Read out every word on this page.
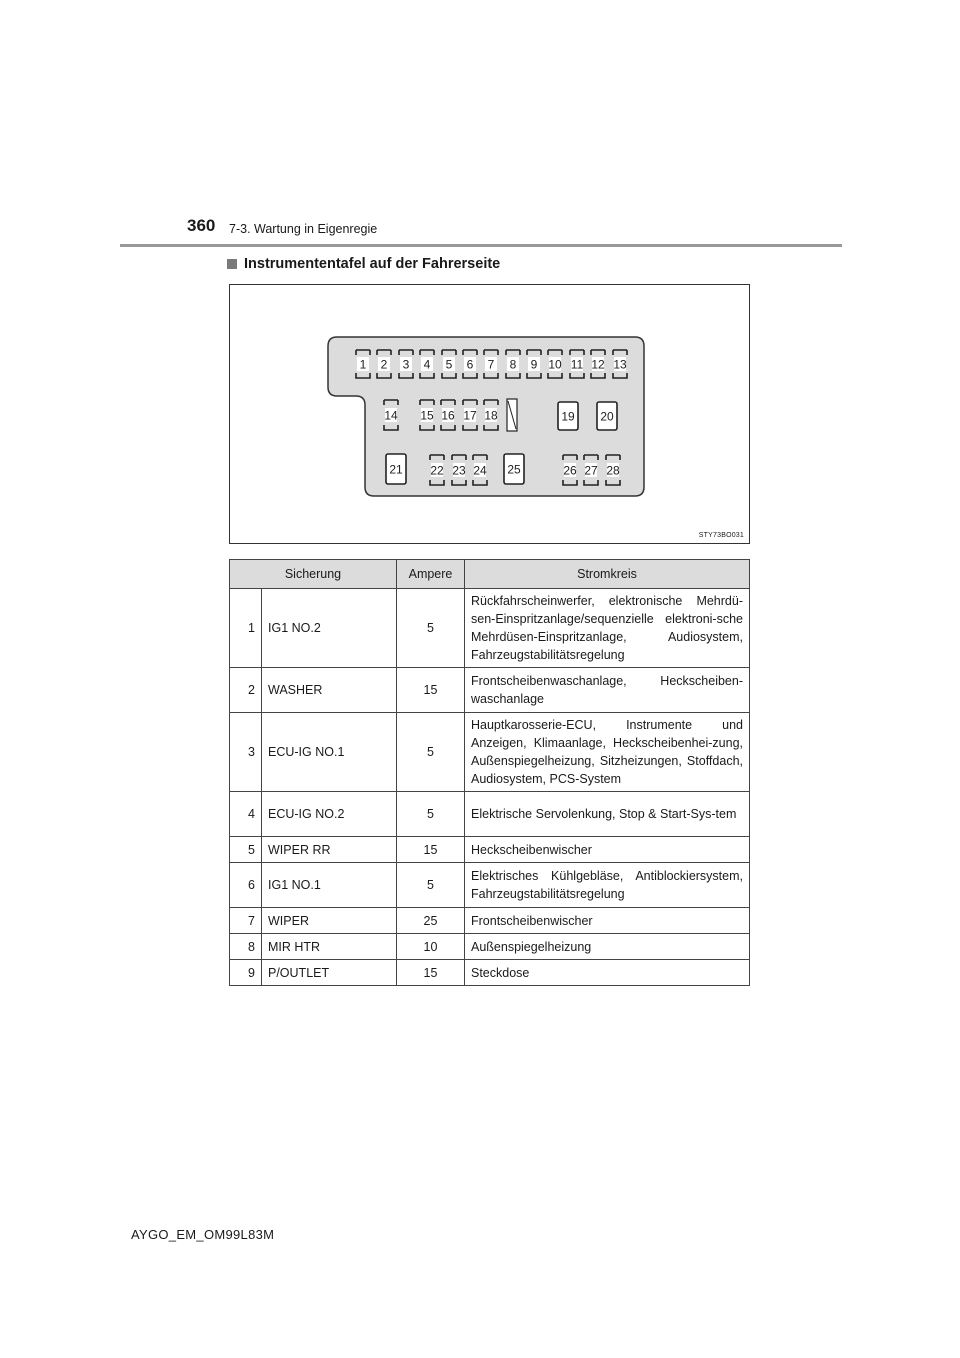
360 7-3. Wartung in Eigenregie
Instrumententafel auf der Fahrerseite
1 2 3 4 5 6 7 8 9 10 11 12 13
14 15 16 17 18	19 20
21 22 23 24 25	26 27 28
STY73BO031
Sicherung		Ampere	Stromkreis
1	IG1 NO.2	5	Rückfahrscheinwerfer, elektronische Mehrdü-sen-Einspritzanlage/sequenzielle elektroni-sche Mehrdüsen-Einspritzanlage, Audiosystem, Fahrzeugstabilitätsregelung
2	WASHER	15	Frontscheibenwaschanlage, Heckscheiben-waschanlage
3	ECU-IG NO.1	5	Hauptkarosserie-ECU, Instrumente und Anzeigen, Klimaanlage, Heckscheibenhei-zung, Außenspiegelheizung, Sitzheizungen, Stoffdach, Audiosystem, PCS-System
4	ECU-IG NO.2	5	Elektrische Servolenkung, Stop & Start-Sys-tem
5	WIPER RR	15	Heckscheibenwischer
6	IG1 NO.1	5	Elektrisches Kühlgebläse, Antiblockiersystem, Fahrzeugstabilitätsregelung
7	WIPER	25	Frontscheibenwischer
8	MIR HTR	10	Außenspiegelheizung
9	P/OUTLET	15	Steckdose
AYGO_EM_OM99L83M
